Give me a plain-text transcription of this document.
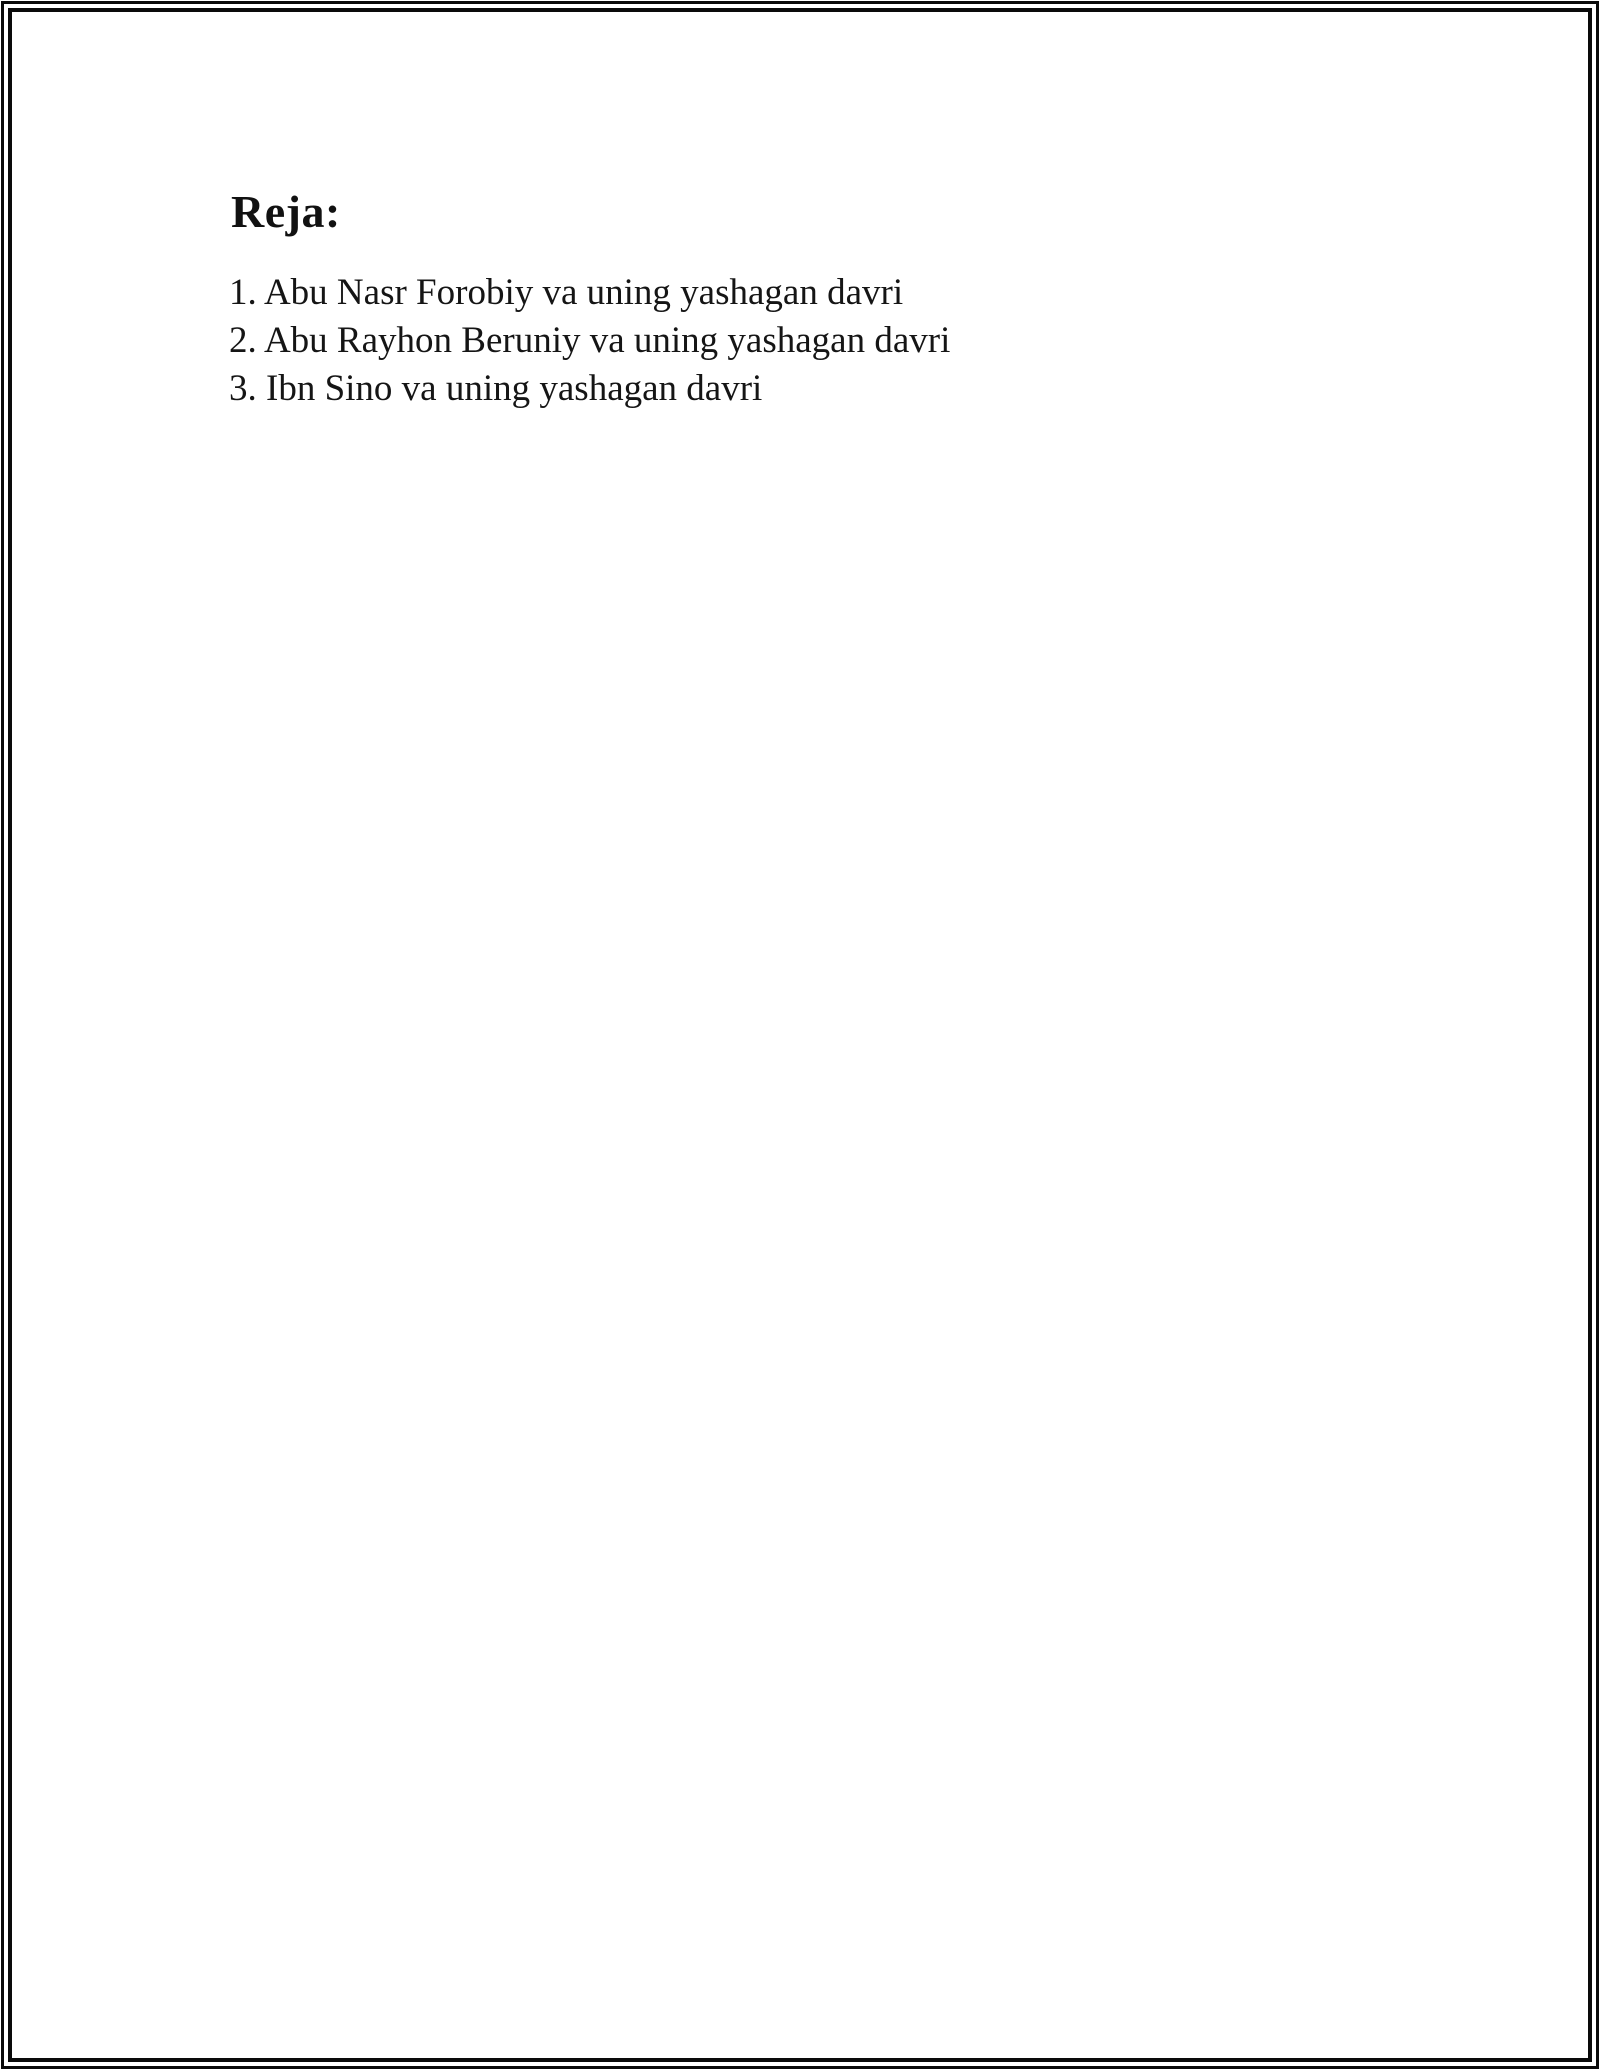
Reja:
1. Abu Nasr Forobiy va uning yashagan davri
2. Abu Rayhon Beruniy va uning yashagan davri
3. Ibn Sino va uning yashagan davri
